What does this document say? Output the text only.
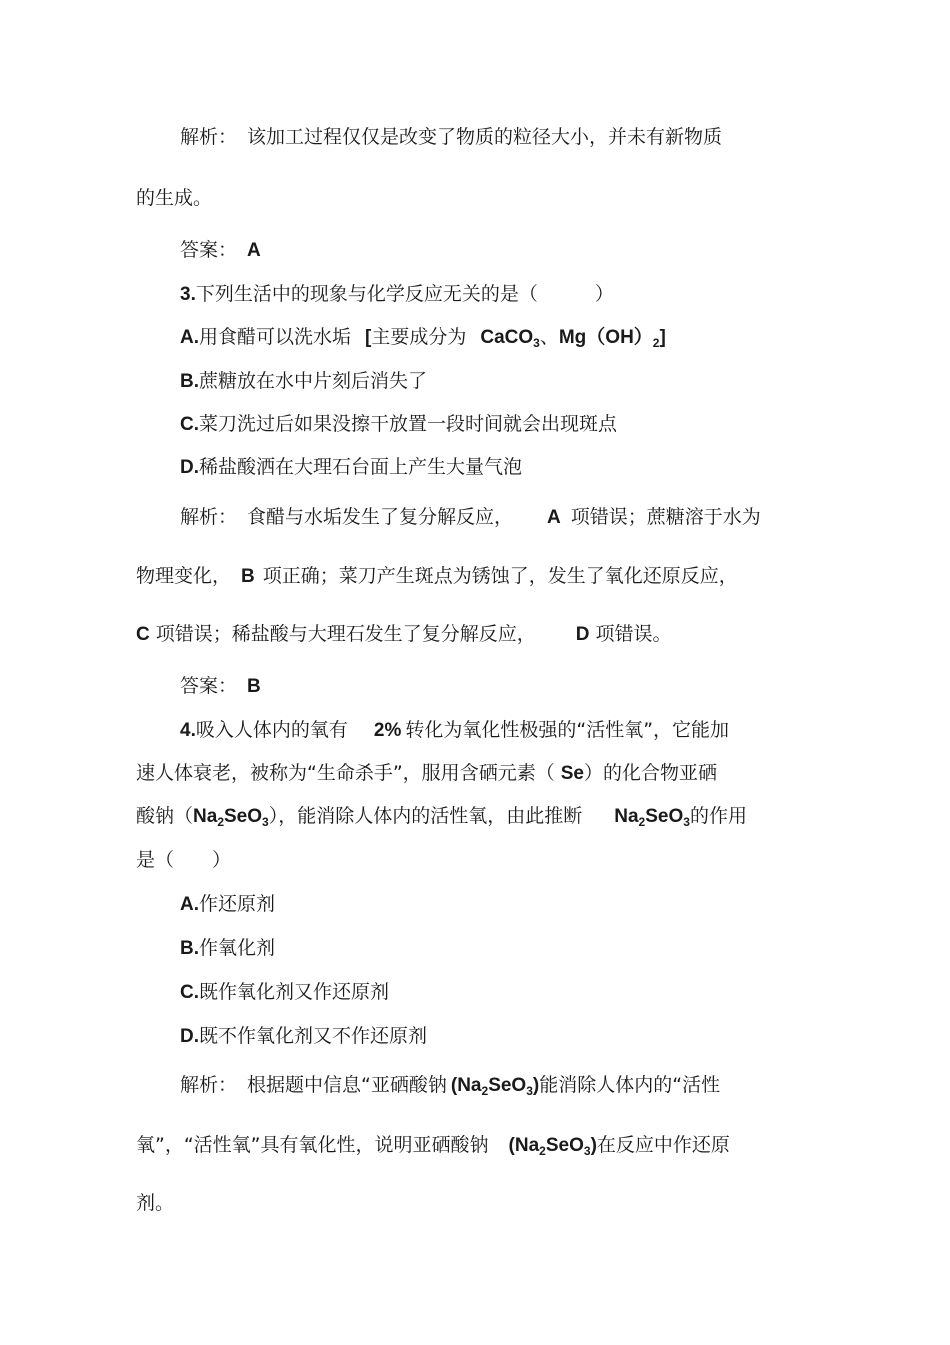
解析： 该加工过程仅仅是改变了物质的粒径大小，并未有新物质
的生成。
答案： A
3.下列生活中的现象与化学反应无关的是（　　　）
A.用食醋可以洗水垢 [主要成分为 CaCO$_3$、$Mg(OH)_2$]
B.蔗糖放在水中片刻后消失了
C.菜刀洗过后如果没擦干放置一段时间就会出现斑点
D.稀盐酸洒在大理石台面上产生大量气泡
解析： 食醋与水垢发生了复分解反应， A 项错误；蔗糖溶于水为
物理变化， B 项正确；菜刀产生斑点为锈蚀了，发生了氧化还原反应，
C 项错误；稀盐酸与大理石发生了复分解反应， D 项错误。
答案： B
4.吸入人体内的氧有 2% 转化为氧化性极强的“活性氧”，它能加
速人体衰老，被称为“生命杀手”，服用含硒元素（ Se）的化合物亚硒
酸钠$(Na_2SeO_3)$，能消除人体内的活性氧，由此推断 $Na_2SeO_3$的作用
是（　　）
A.作还原剂
B.作氧化剂
C.既作氧化剂又作还原剂
D.既不作氧化剂又不作还原剂
解析： 根据题中信息“亚硒酸钠 $(Na_2SeO_3)$能消除人体内的“活性
氧”，“活性氧”具有氧化性，说明亚硒酸钠 $(Na_2SeO_3)$在反应中作还原
剂。
